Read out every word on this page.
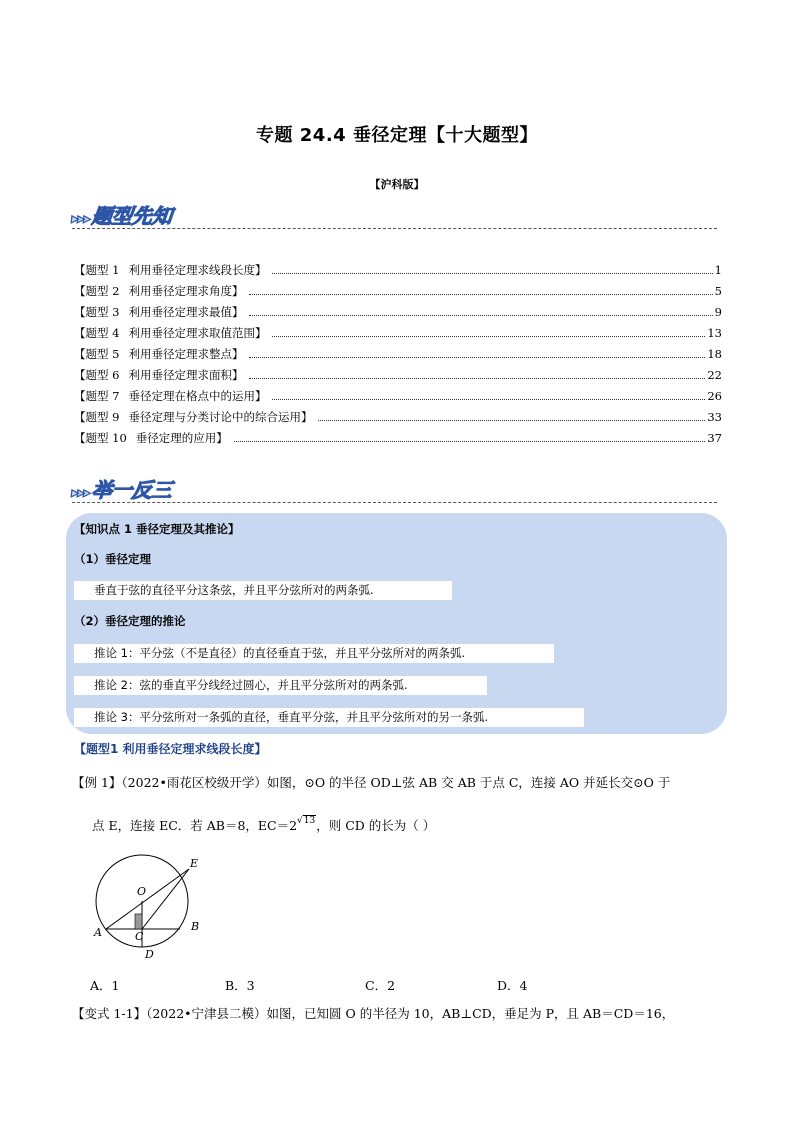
专题 24.4 垂径定理【十大题型】
【沪科版】
▸▸▸题型先知
【题型 1 利用垂径定理求线段长度】	1
【题型 2 利用垂径定理求角度】	5
【题型 3 利用垂径定理求最值】	9
【题型 4 利用垂径定理求取值范围】	13
【题型 5 利用垂径定理求整点】	18
【题型 6 利用垂径定理求面积】	22
【题型 7 垂径定理在格点中的运用】	26
【题型 9 垂径定理与分类讨论中的综合运用】	33
【题型 10 垂径定理的应用】	37
▸▸▸举一反三
【知识点 1 垂径定理及其推论】
（1）垂径定理
垂直于弦的直径平分这条弦，并且平分弦所对的两条弧.
（2）垂径定理的推论
推论 1：平分弦（不是直径）的直径垂直于弦，并且平分弦所对的两条弧.
推论 2：弦的垂直平分线经过圆心，并且平分弦所对的两条弧.
推论 3：平分弦所对一条弧的直径，垂直平分弦，并且平分弦所对的另一条弧.
【题型1 利用垂径定理求线段长度】
【例 1】（2022•雨花区校级开学）如图，⊙O 的半径 OD⊥弦 AB 交 AB 于点 C，连接 AO 并延长交⊙O 于
点 E，连接 EC．若 AB＝8，$EC=2^{√13}$，则 CD 的长为（ ）
O
E
A	B
C
D
A．1	B．3	C．2	D．4
【变式 1-1】（2022•宁津县二模）如图，已知圆 O 的半径为 10，AB⊥CD，垂足为 P，且 AB＝CD＝16，
